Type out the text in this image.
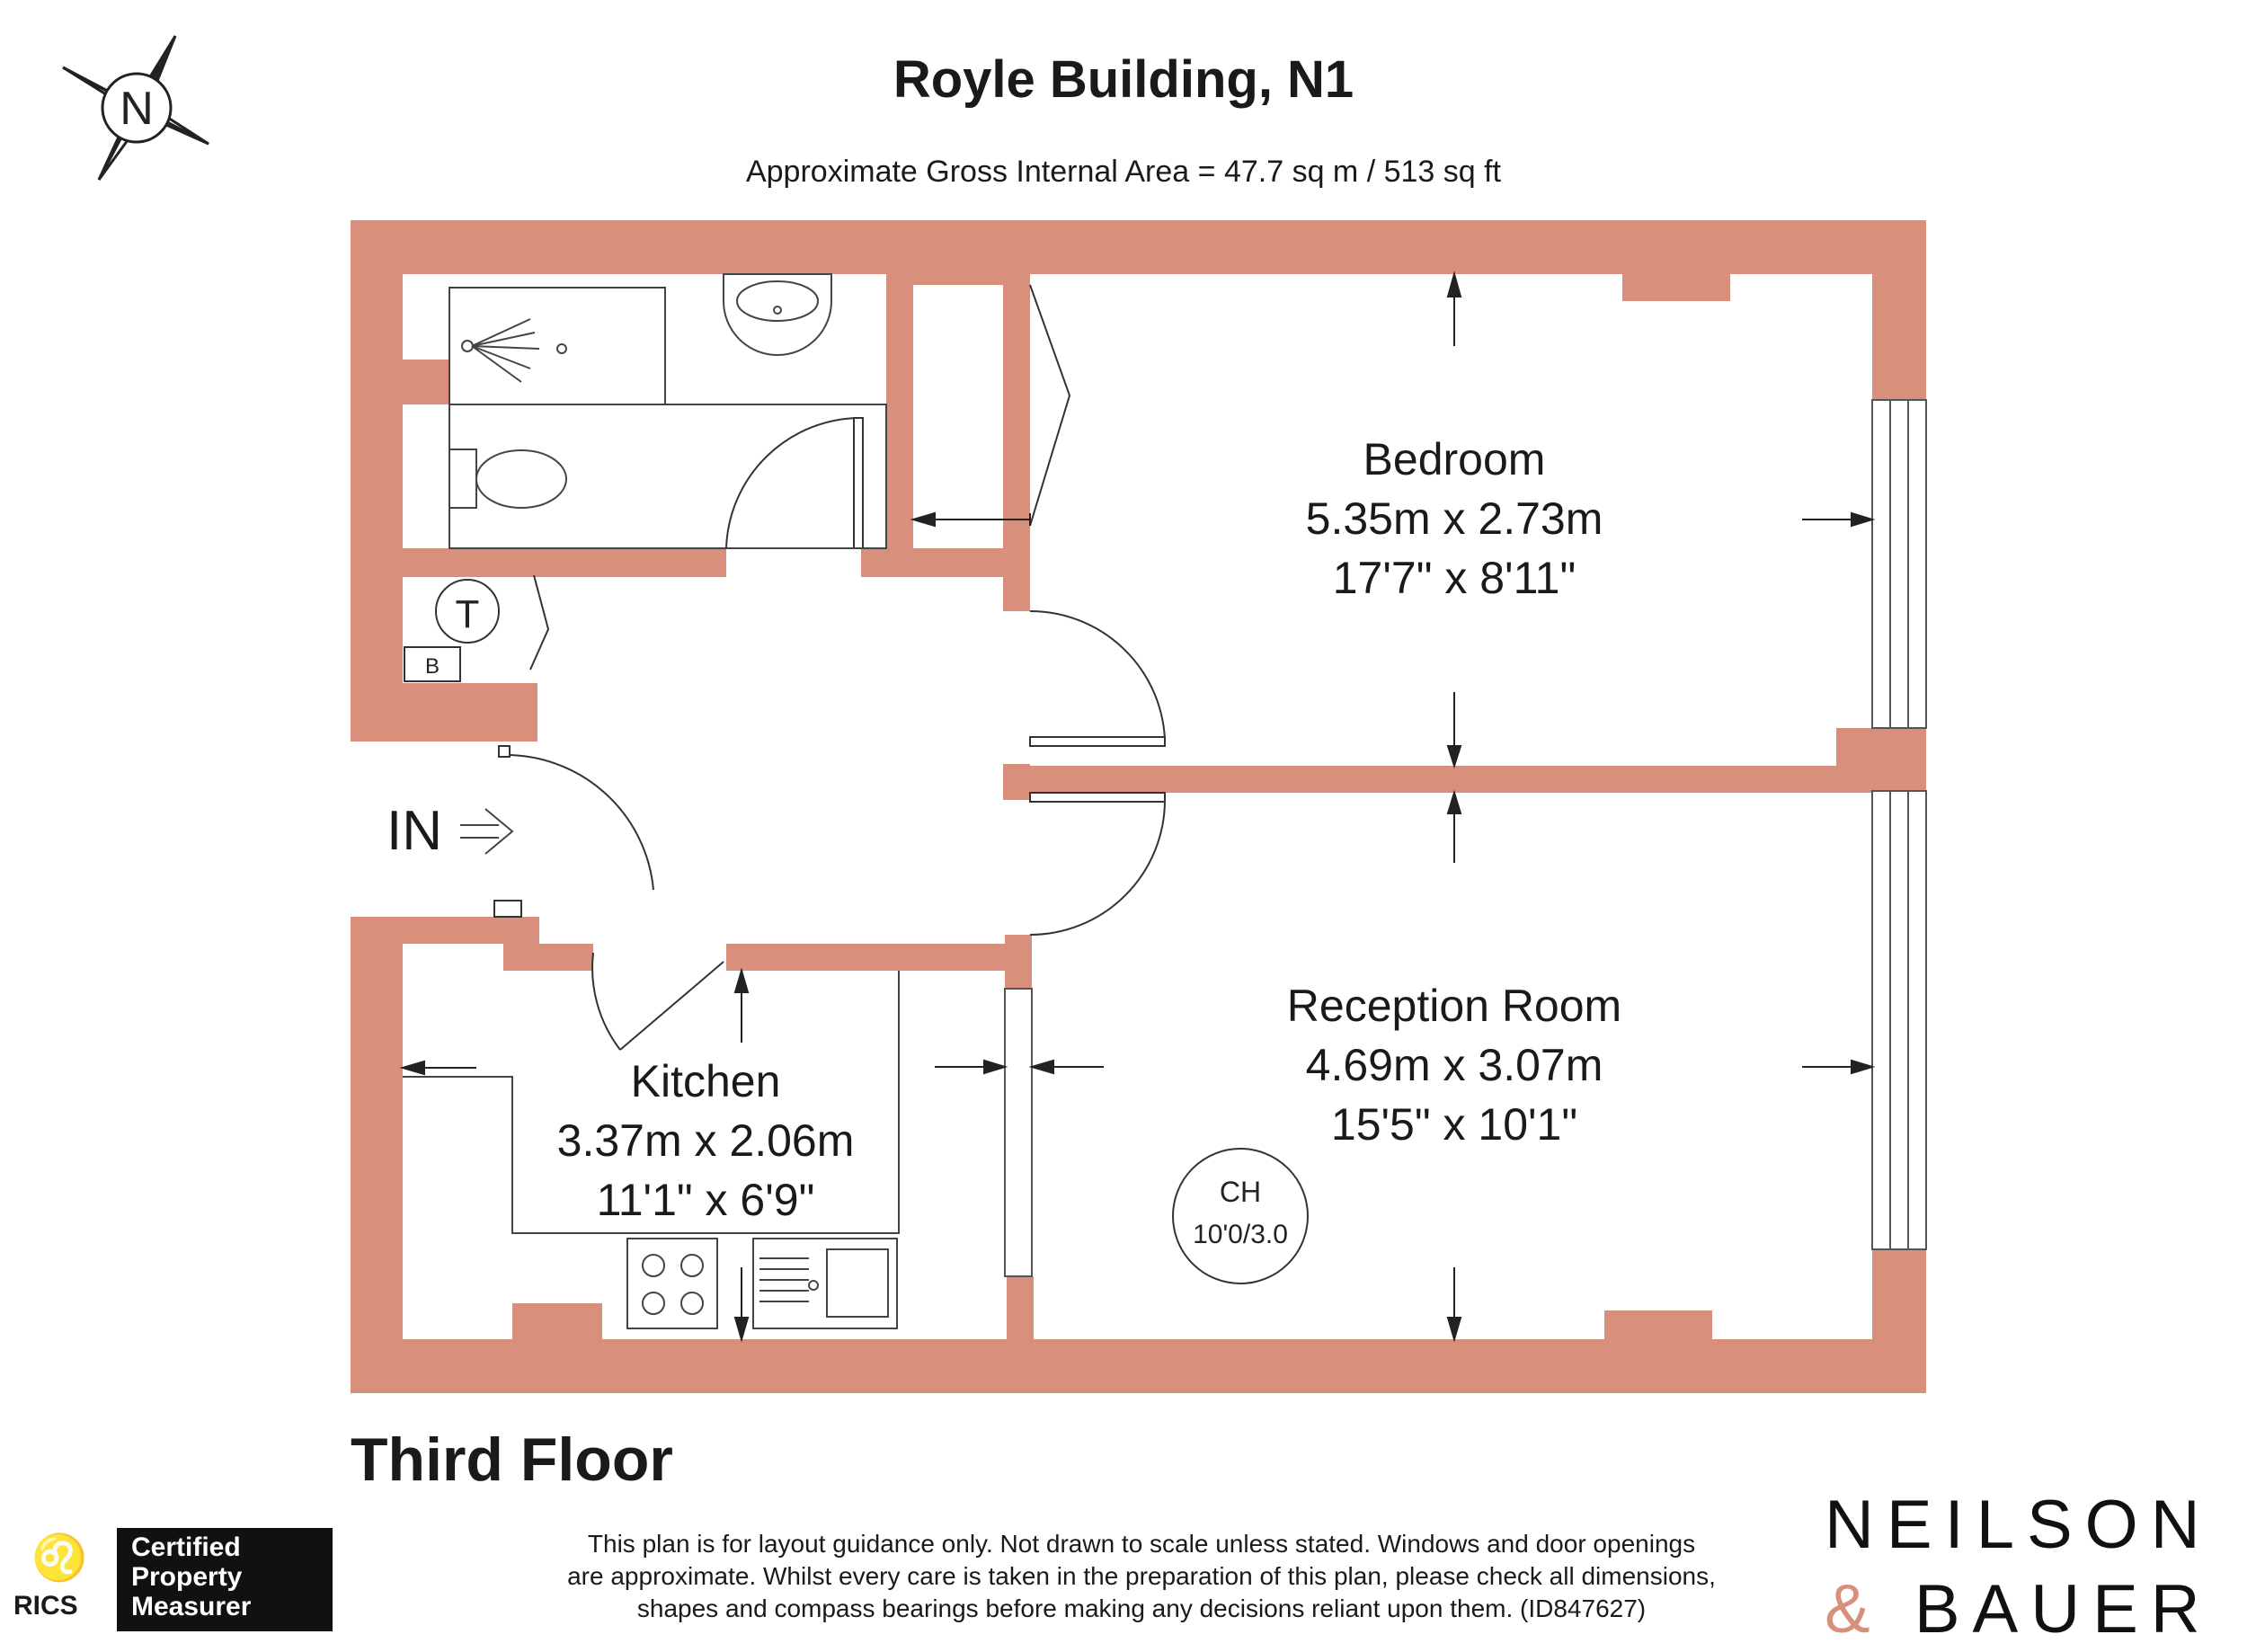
Royle Building, N1
Approximate Gross Internal Area = 47.7 sq m / 513 sq ft
N
T
B
IN
Bedroom
5.35m x 2.73m
17'7" x 8'11"
Reception Room
4.69m x 3.07m
15'5" x 10'1"
Kitchen
3.37m x 2.06m
11'1" x 6'9"	CH
10'0/3.0
Third Floor
This plan is for layout guidance only. Not drawn to scale unless stated. Windows and door openings
are approximate. Whilst every care is taken in the preparation of this plan, please check all dimensions,
shapes and compass bearings before making any decisions reliant upon them. (ID847627)
♌
RICS
Certified
Property
Measurer
NEILSON
& BAUER
